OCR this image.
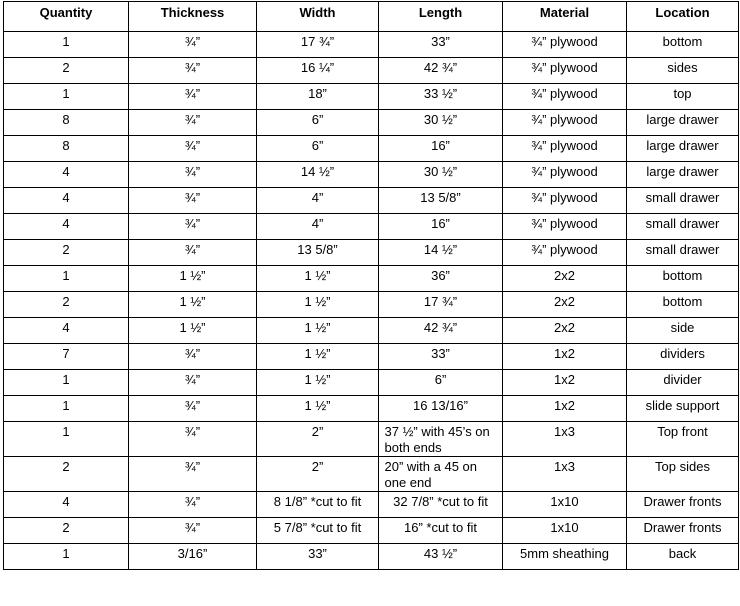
Quantity	Thickness	Width	Length	Material	Location
1	¾”	17 ¾”	33”	¾” plywood	bottom
2	¾”	16 ¼”	42 ¾”	¾” plywood	sides
1	¾”	18”	33 ½”	¾” plywood	top
8	¾”	6”	30 ½”	¾” plywood	large drawer
8	¾”	6”	16”	¾” plywood	large drawer
4	¾”	14 ½”	30 ½”	¾” plywood	large drawer
4	¾”	4”	13 5/8”	¾” plywood	small drawer
4	¾”	4”	16”	¾” plywood	small drawer
2	¾”	13 5/8”	14 ½”	¾” plywood	small drawer
1	1 ½”	1 ½”	36”	2x2	bottom
2	1 ½”	1 ½”	17 ¾”	2x2	bottom
4	1 ½”	1 ½”	42 ¾”	2x2	side
7	¾”	1 ½”	33”	1x2	dividers
1	¾”	1 ½”	6”	1x2	divider
1	¾”	1 ½”	16 13/16”	1x2	slide support
1	¾”	2”	37 ½” with 45’s on both ends	1x3	Top front
2	¾”	2”	20” with a 45 on one end	1x3	Top sides
4	¾”	8 1/8” *cut to fit	32 7/8” *cut to fit	1x10	Drawer fronts
2	¾”	5 7/8” *cut to fit	16” *cut to fit	1x10	Drawer fronts
1	3/16”	33”	43 ½”	5mm sheathing	back
